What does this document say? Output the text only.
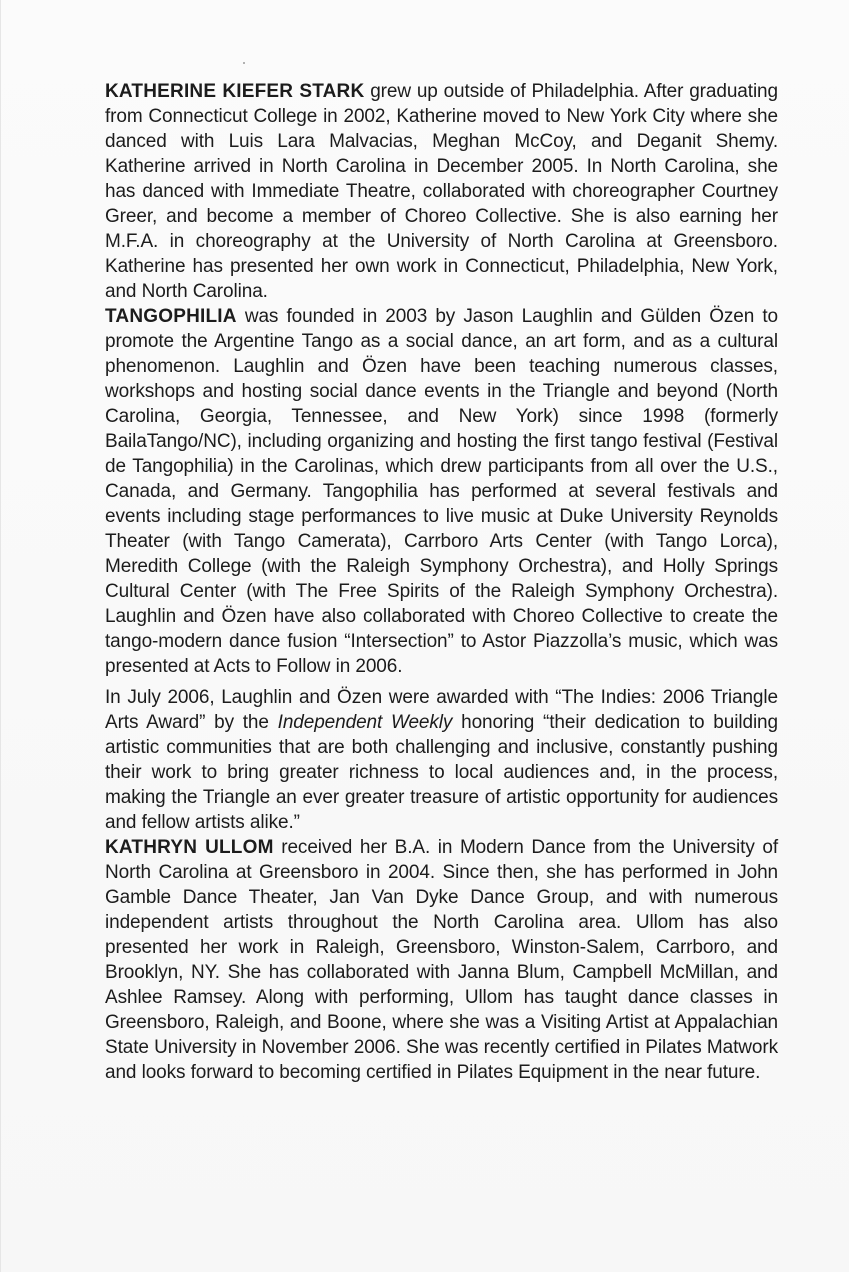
KATHERINE KIEFER STARK grew up outside of Philadelphia. After graduating from Connecticut College in 2002, Katherine moved to New York City where she danced with Luis Lara Malvacias, Meghan McCoy, and Deganit Shemy. Katherine arrived in North Carolina in December 2005. In North Carolina, she has danced with Immediate Theatre, collaborated with choreographer Courtney Greer, and become a member of Choreo Collective. She is also earning her M.F.A. in choreography at the University of North Carolina at Greensboro. Katherine has presented her own work in Connecticut, Philadelphia, New York, and North Carolina.

TANGOPHILIA was founded in 2003 by Jason Laughlin and Gülden Özen to promote the Argentine Tango as a social dance, an art form, and as a cultural phenomenon. Laughlin and Özen have been teaching numerous classes, workshops and hosting social dance events in the Triangle and beyond (North Carolina, Georgia, Tennessee, and New York) since 1998 (formerly BailaTango/NC), including organizing and hosting the first tango festival (Festival de Tangophilia) in the Carolinas, which drew participants from all over the U.S., Canada, and Germany. Tangophilia has performed at several festivals and events including stage performances to live music at Duke University Reynolds Theater (with Tango Camerata), Carrboro Arts Center (with Tango Lorca), Meredith College (with the Raleigh Symphony Orchestra), and Holly Springs Cultural Center (with The Free Spirits of the Raleigh Symphony Orchestra). Laughlin and Özen have also collaborated with Choreo Collective to create the tango-modern dance fusion “Intersection” to Astor Piazzolla’s music, which was presented at Acts to Follow in 2006.

In July 2006, Laughlin and Özen were awarded with “The Indies: 2006 Triangle Arts Award” by the Independent Weekly honoring “their dedication to building artistic communities that are both challenging and inclusive, constantly pushing their work to bring greater richness to local audiences and, in the process, making the Triangle an ever greater treasure of artistic opportunity for audiences and fellow artists alike.”

KATHRYN ULLOM received her B.A. in Modern Dance from the University of North Carolina at Greensboro in 2004. Since then, she has performed in John Gamble Dance Theater, Jan Van Dyke Dance Group, and with numerous independent artists throughout the North Carolina area. Ullom has also presented her work in Raleigh, Greensboro, Winston-Salem, Carrboro, and Brooklyn, NY. She has collaborated with Janna Blum, Campbell McMillan, and Ashlee Ramsey. Along with performing, Ullom has taught dance classes in Greensboro, Raleigh, and Boone, where she was a Visiting Artist at Appalachian State University in November 2006. She was recently certified in Pilates Matwork and looks forward to becoming certified in Pilates Equipment in the near future.
